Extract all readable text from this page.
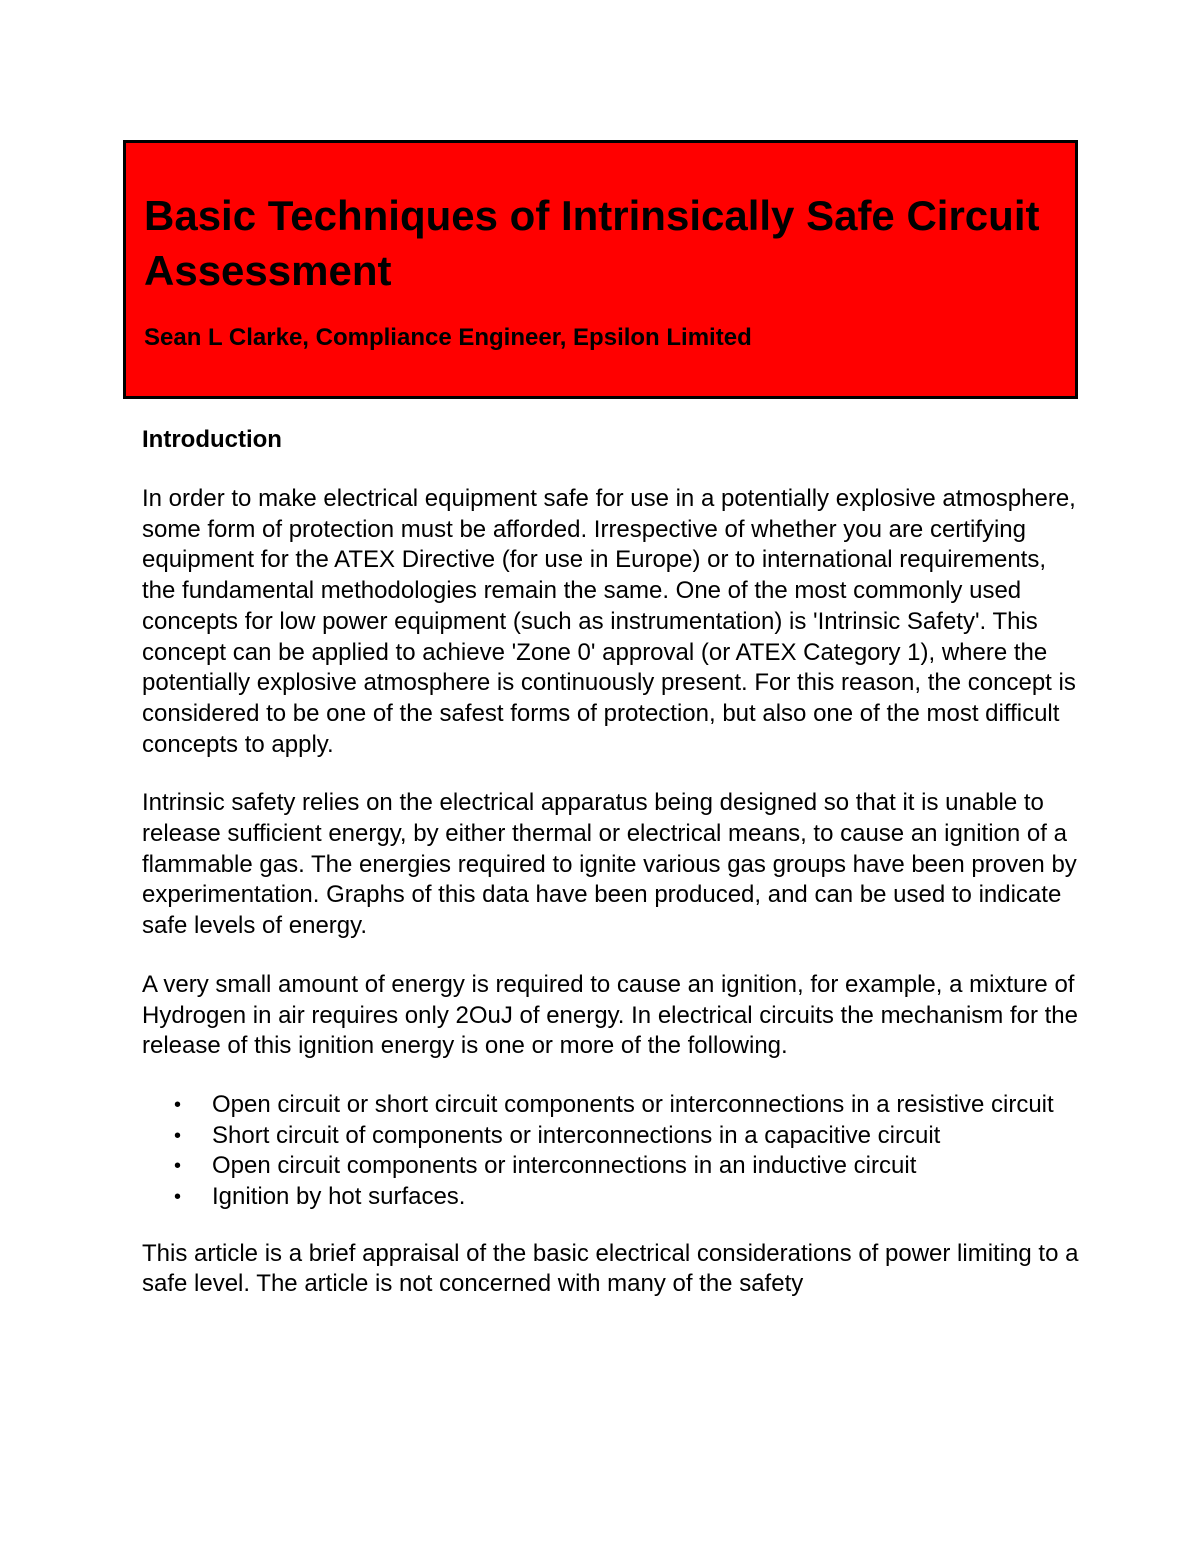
Basic Techniques of Intrinsically Safe Circuit Assessment

Sean L Clarke, Compliance Engineer, Epsilon Limited

Introduction

In order to make electrical equipment safe for use in a potentially explosive atmosphere, some form of protection must be afforded. Irrespective of whether you are certifying equipment for the ATEX Directive (for use in Europe) or to international requirements, the fundamental methodologies remain the same. One of the most commonly used concepts for low power equipment (such as instrumentation) is 'Intrinsic Safety'. This concept can be applied to achieve 'Zone 0' approval (or ATEX Category 1), where the potentially explosive atmosphere is continuously present. For this reason, the concept is considered to be one of the safest forms of protection, but also one of the most difficult concepts to apply.

Intrinsic safety relies on the electrical apparatus being designed so that it is unable to release sufficient energy, by either thermal or electrical means, to cause an ignition of a flammable gas. The energies required to ignite various gas groups have been proven by experimentation. Graphs of this data have been produced, and can be used to indicate safe levels of energy.

A very small amount of energy is required to cause an ignition, for example, a mixture of Hydrogen in air requires only 2OuJ of energy. In electrical circuits the mechanism for the release of this ignition energy is one or more of the following.

• Open circuit or short circuit components or interconnections in a resistive circuit
• Short circuit of components or interconnections in a capacitive circuit
• Open circuit components or interconnections in an inductive circuit
• Ignition by hot surfaces.

This article is a brief appraisal of the basic electrical considerations of power limiting to a safe level. The article is not concerned with many of the safety
